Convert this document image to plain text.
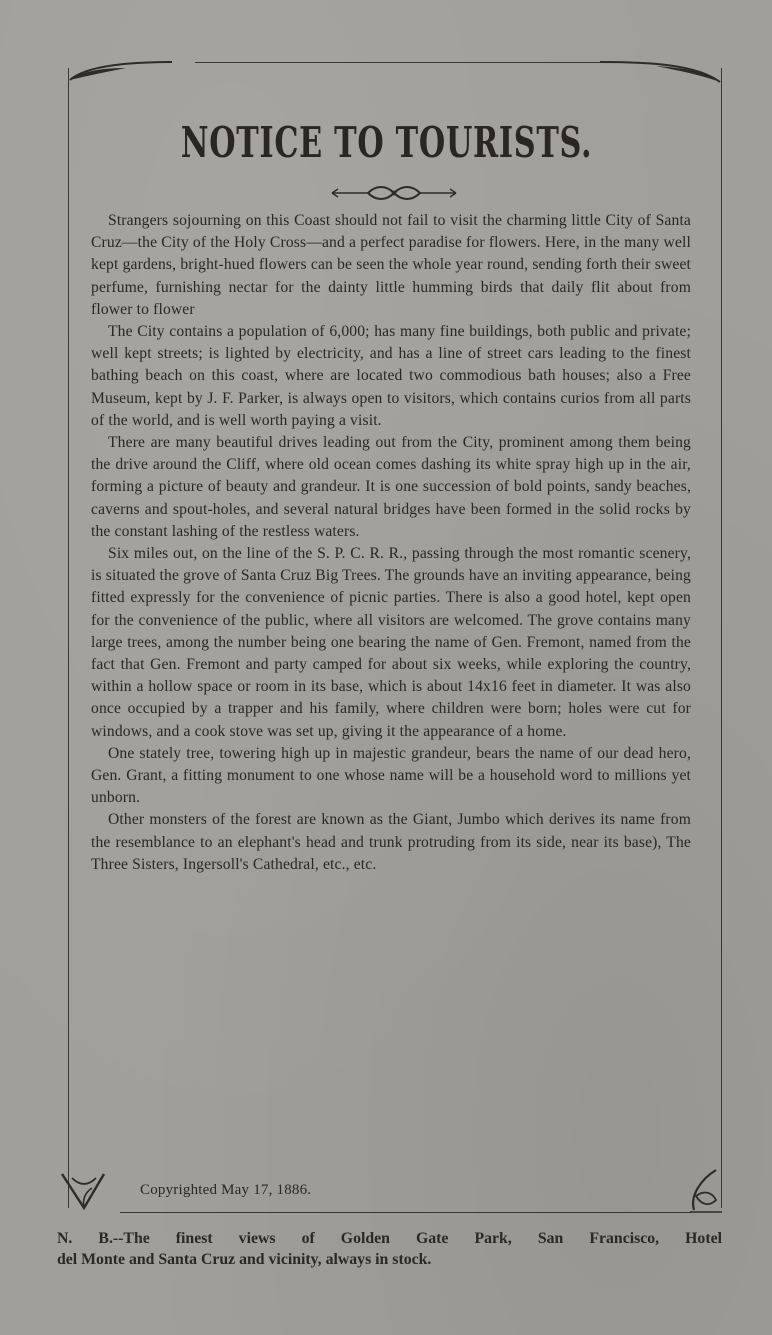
NOTICE TO TOURISTS.

Strangers sojourning on this Coast should not fail to visit the charming little City of Santa Cruz—the City of the Holy Cross—and a perfect paradise for flowers. Here, in the many well kept gardens, bright-hued flowers can be seen the whole year round, sending forth their sweet perfume, furnishing nectar for the dainty little humming birds that daily flit about from flower to flower

The City contains a population of 6,000; has many fine buildings, both public and private; well kept streets; is lighted by electricity, and has a line of street cars leading to the finest bathing beach on this coast, where are located two commodious bath houses; also a Free Museum, kept by J. F. Parker, is always open to visitors, which contains curios from all parts of the world, and is well worth paying a visit.

There are many beautiful drives leading out from the City, prominent among them being the drive around the Cliff, where old ocean comes dashing its white spray high up in the air, forming a picture of beauty and grandeur. It is one succession of bold points, sandy beaches, caverns and spout-holes, and several natural bridges have been formed in the solid rocks by the constant lashing of the restless waters.

Six miles out, on the line of the S. P. C. R. R., passing through the most romantic scenery, is situated the grove of Santa Cruz Big Trees. The grounds have an inviting appearance, being fitted expressly for the convenience of picnic parties. There is also a good hotel, kept open for the convenience of the public, where all visitors are welcomed. The grove contains many large trees, among the number being one bearing the name of Gen. Fremont, named from the fact that Gen. Fremont and party camped for about six weeks, while exploring the country, within a hollow space or room in its base, which is about 14x16 feet in diameter. It was also once occupied by a trapper and his family, where children were born; holes were cut for windows, and a cook stove was set up, giving it the appearance of a home.

One stately tree, towering high up in majestic grandeur, bears the name of our dead hero, Gen. Grant, a fitting monument to one whose name will be a household word to millions yet unborn.

Other monsters of the forest are known as the Giant, Jumbo which derives its name from the resemblance to an elephant's head and trunk protruding from its side, near its base), The Three Sisters, Ingersoll's Cathedral, etc., etc.

Copyrighted May 17, 1886.
N. B.--The finest views of Golden Gate Park, San Francisco, Hotel
del Monte and Santa Cruz and vicinity, always in stock.
